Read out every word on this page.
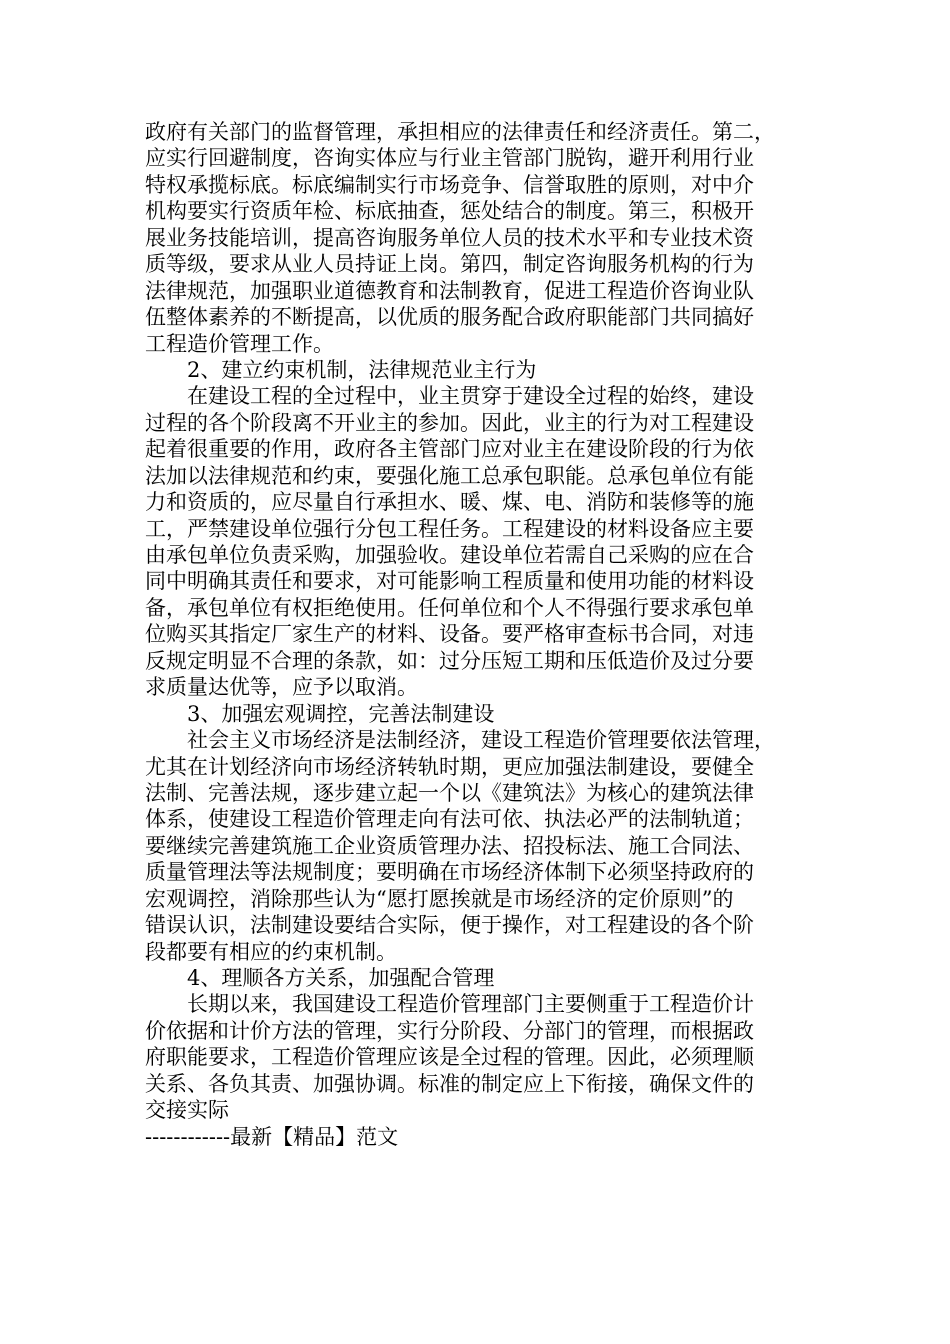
政府有关部门的监督管理，承担相应的法律责任和经济责任。第二，
应实行回避制度，咨询实体应与行业主管部门脱钩，避开利用行业
特权承揽标底。标底编制实行市场竞争、信誉取胜的原则，对中介
机构要实行资质年检、标底抽查，惩处结合的制度。第三，积极开
展业务技能培训，提高咨询服务单位人员的技术水平和专业技术资
质等级，要求从业人员持证上岗。第四，制定咨询服务机构的行为
法律规范，加强职业道德教育和法制教育，促进工程造价咨询业队
伍整体素养的不断提高，以优质的服务配合政府职能部门共同搞好
工程造价管理工作。
2、建立约束机制，法律规范业主行为
在建设工程的全过程中，业主贯穿于建设全过程的始终，建设
过程的各个阶段离不开业主的参加。因此，业主的行为对工程建设
起着很重要的作用，政府各主管部门应对业主在建设阶段的行为依
法加以法律规范和约束，要强化施工总承包职能。总承包单位有能
力和资质的，应尽量自行承担水、暖、煤、电、消防和装修等的施
工，严禁建设单位强行分包工程任务。工程建设的材料设备应主要
由承包单位负责采购，加强验收。建设单位若需自己采购的应在合
同中明确其责任和要求，对可能影响工程质量和使用功能的材料设
备，承包单位有权拒绝使用。任何单位和个人不得强行要求承包单
位购买其指定厂家生产的材料、设备。要严格审查标书合同，对违
反规定明显不合理的条款，如：过分压短工期和压低造价及过分要
求质量达优等，应予以取消。
3、加强宏观调控，完善法制建设
社会主义市场经济是法制经济，建设工程造价管理要依法管理，
尤其在计划经济向市场经济转轨时期，更应加强法制建设，要健全
法制、完善法规，逐步建立起一个以《建筑法》为核心的建筑法律
体系，使建设工程造价管理走向有法可依、执法必严的法制轨道；
要继续完善建筑施工企业资质管理办法、招投标法、施工合同法、
质量管理法等法规制度；要明确在市场经济体制下必须坚持政府的
宏观调控，消除那些认为“愿打愿挨就是市场经济的定价原则”的
错误认识，法制建设要结合实际，便于操作，对工程建设的各个阶
段都要有相应的约束机制。
4、理顺各方关系，加强配合管理
长期以来，我国建设工程造价管理部门主要侧重于工程造价计
价依据和计价方法的管理，实行分阶段、分部门的管理，而根据政
府职能要求，工程造价管理应该是全过程的管理。因此，必须理顺
关系、各负其责、加强协调。标准的制定应上下衔接，确保文件的
交接实际
------------最新【精品】范文
